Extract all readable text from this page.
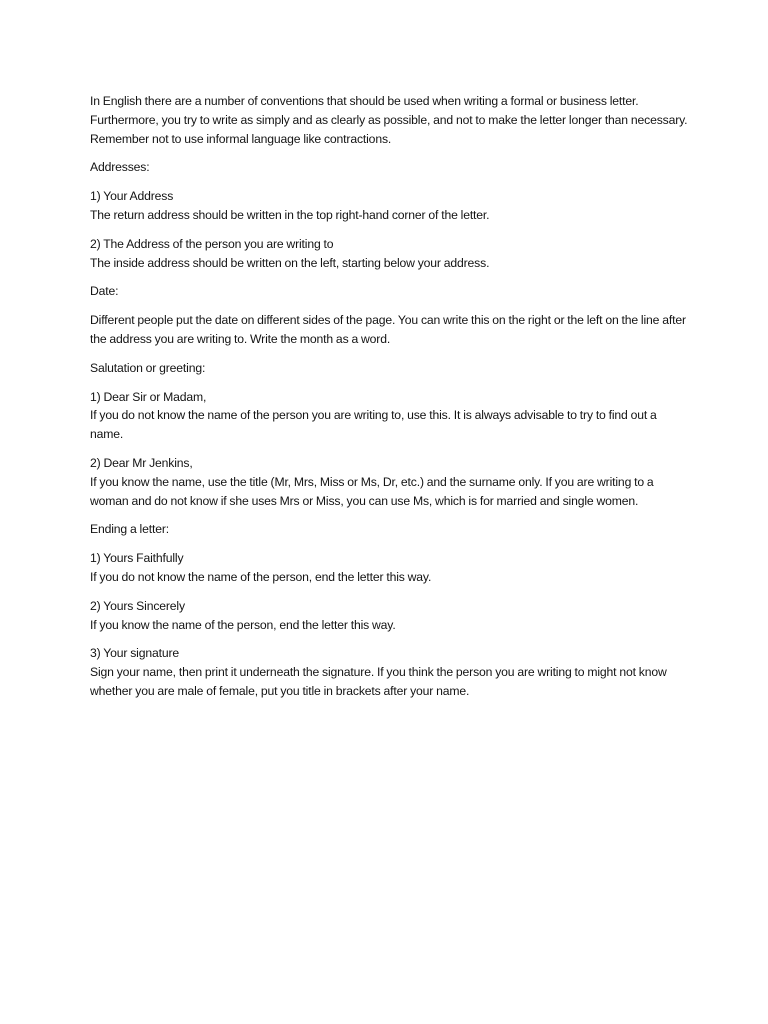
In English there are a number of conventions that should be used when writing a formal or business letter. Furthermore, you try to write as simply and as clearly as possible, and not to make the letter longer than necessary. Remember not to use informal language like contractions.

Addresses:

1) Your Address
The return address should be written in the top right-hand corner of the letter.
2) The Address of the person you are writing to
The inside address should be written on the left, starting below your address.

Date:

Different people put the date on different sides of the page. You can write this on the right or the left on the line after the address you are writing to. Write the month as a word.

Salutation or greeting:

1) Dear Sir or Madam,
If you do not know the name of the person you are writing to, use this. It is always advisable to try to find out a name.
2) Dear Mr Jenkins,
If you know the name, use the title (Mr, Mrs, Miss or Ms, Dr, etc.) and the surname only. If you are writing to a woman and do not know if she uses Mrs or Miss, you can use Ms, which is for married and single women.

Ending a letter:

1) Yours Faithfully
If you do not know the name of the person, end the letter this way.
2) Yours Sincerely
If you know the name of the person, end the letter this way.
3) Your signature
Sign your name, then print it underneath the signature. If you think the person you are writing to might not know whether you are male of female, put you title in brackets after your name.
